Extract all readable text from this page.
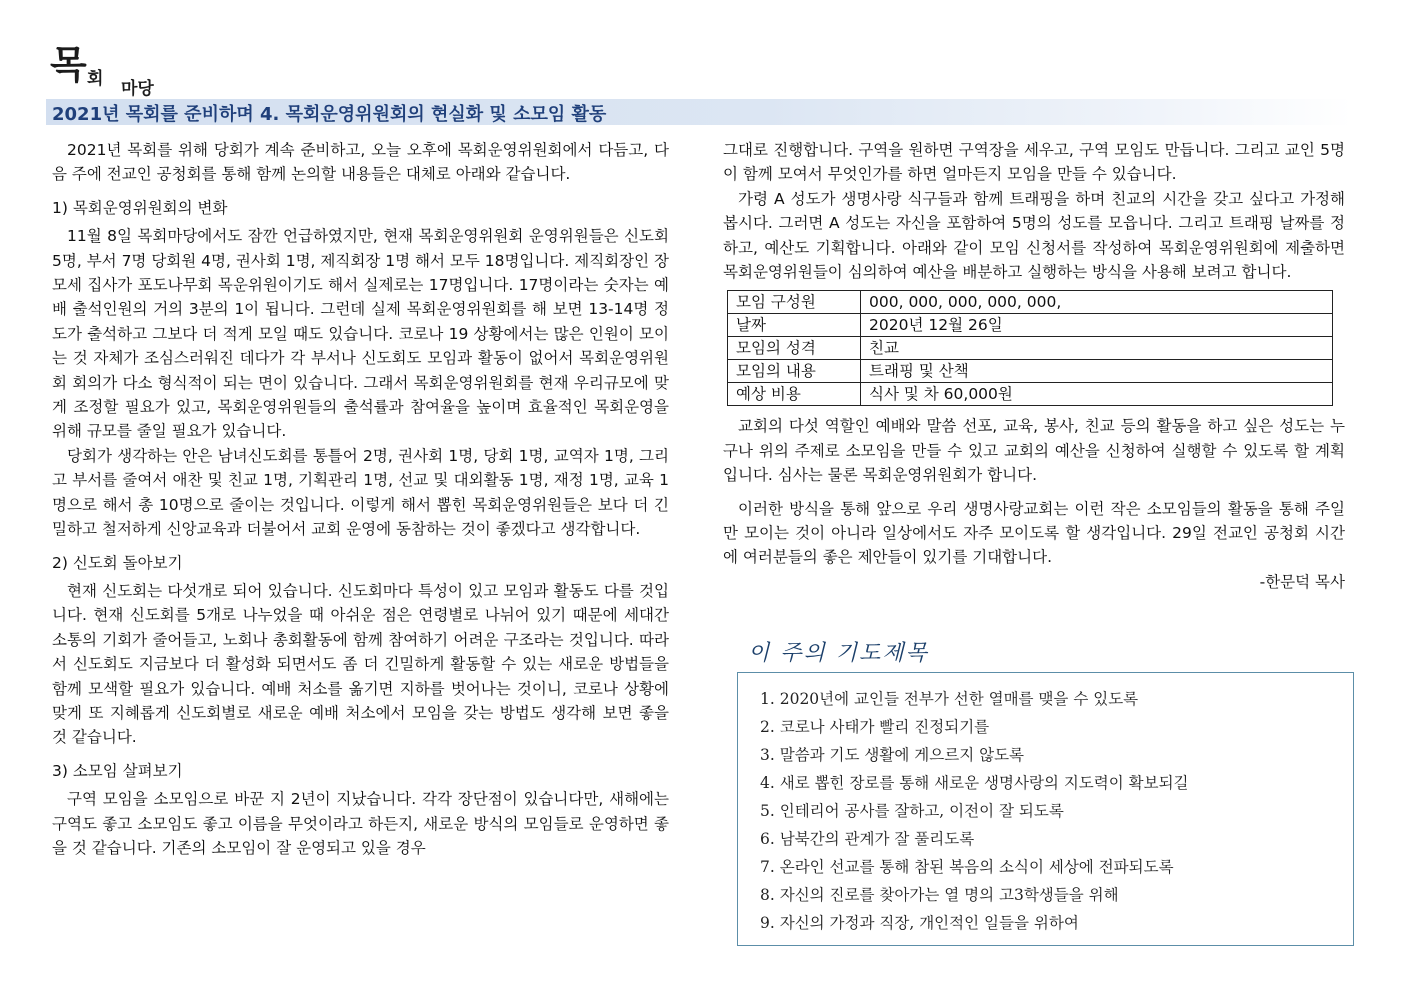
목 회 마당
2021년 목회를 준비하며 4. 목회운영위원회의 현실화 및 소모임 활동

2021년 목회를 위해 당회가 계속 준비하고, 오늘 오후에 목회운영위원회에서 다듬고, 다음 주에 전교인 공청회를 통해 함께 논의할 내용들은 대체로 아래와 같습니다.

1) 목회운영위원회의 변화

11월 8일 목회마당에서도 잠깐 언급하였지만, 현재 목회운영위원회 운영위원들은 신도회 5명, 부서 7명 당회원 4명, 권사회 1명, 제직회장 1명 해서 모두 18명입니다. 제직회장인 장모세 집사가 포도나무회 목운위원이기도 해서 실제로는 17명입니다. 17명이라는 숫자는 예배 출석인원의 거의 3분의 1이 됩니다. 그런데 실제 목회운영위원회를 해 보면 13-14명 정도가 출석하고 그보다 더 적게 모일 때도 있습니다. 코로나 19 상황에서는 많은 인원이 모이는 것 자체가 조심스러워진 데다가 각 부서나 신도회도 모임과 활동이 없어서 목회운영위원회 회의가 다소 형식적이 되는 면이 있습니다. 그래서 목회운영위원회를 현재 우리규모에 맞게 조정할 필요가 있고, 목회운영위원들의 출석률과 참여율을 높이며 효율적인 목회운영을 위해 규모를 줄일 필요가 있습니다.

당회가 생각하는 안은 남녀신도회를 통틀어 2명, 권사회 1명, 당회 1명, 교역자 1명, 그리고 부서를 줄여서 애찬 및 친교 1명, 기획관리 1명, 선교 및 대외활동 1명, 재정 1명, 교육 1명으로 해서 총 10명으로 줄이는 것입니다. 이렇게 해서 뽑힌 목회운영위원들은 보다 더 긴밀하고 철저하게 신앙교육과 더불어서 교회 운영에 동참하는 것이 좋겠다고 생각합니다.

2) 신도회 돌아보기

현재 신도회는 다섯개로 되어 있습니다. 신도회마다 특성이 있고 모임과 활동도 다를 것입니다. 현재 신도회를 5개로 나누었을 때 아쉬운 점은 연령별로 나뉘어 있기 때문에 세대간 소통의 기회가 줄어들고, 노회나 총회활동에 함께 참여하기 어려운 구조라는 것입니다. 따라서 신도회도 지금보다 더 활성화 되면서도 좀 더 긴밀하게 활동할 수 있는 새로운 방법들을 함께 모색할 필요가 있습니다. 예배 처소를 옮기면 지하를 벗어나는 것이니, 코로나 상황에 맞게 또 지혜롭게 신도회별로 새로운 예배 처소에서 모임을 갖는 방법도 생각해 보면 좋을 것 같습니다.

3) 소모임 살펴보기

구역 모임을 소모임으로 바꾼 지 2년이 지났습니다. 각각 장단점이 있습니다만, 새해에는 구역도 좋고 소모임도 좋고 이름을 무엇이라고 하든지, 새로운 방식의 모임들로 운영하면 좋을 것 같습니다. 기존의 소모임이 잘 운영되고 있을 경우

그대로 진행합니다. 구역을 원하면 구역장을 세우고, 구역 모임도 만듭니다. 그리고 교인 5명이 함께 모여서 무엇인가를 하면 얼마든지 모임을 만들 수 있습니다.

가령 A 성도가 생명사랑 식구들과 함께 트래핑을 하며 친교의 시간을 갖고 싶다고 가정해 봅시다. 그러면 A 성도는 자신을 포함하여 5명의 성도를 모읍니다. 그리고 트래핑 날짜를 정하고, 예산도 기획합니다. 아래와 같이 모임 신청서를 작성하여 목회운영위원회에 제출하면 목회운영위원들이 심의하여 예산을 배분하고 실행하는 방식을 사용해 보려고 합니다.

모임 구성원	000, 000, 000, 000, 000,
날짜	2020년 12월 26일
모임의 성격	친교
모임의 내용	트래핑 및 산책
예상 비용	식사 및 차 60,000원

교회의 다섯 역할인 예배와 말씀 선포, 교육, 봉사, 친교 등의 활동을 하고 싶은 성도는 누구나 위의 주제로 소모임을 만들 수 있고 교회의 예산을 신청하여 실행할 수 있도록 할 계획입니다. 심사는 물론 목회운영위원회가 합니다.

이러한 방식을 통해 앞으로 우리 생명사랑교회는 이런 작은 소모임들의 활동을 통해 주일만 모이는 것이 아니라 일상에서도 자주 모이도록 할 생각입니다. 29일 전교인 공청회 시간에 여러분들의 좋은 제안들이 있기를 기대합니다.

-한문덕 목사

이 주의 기도제목
1. 2020년에 교인들 전부가 선한 열매를 맺을 수 있도록
2. 코로나 사태가 빨리 진정되기를
3. 말씀과 기도 생활에 게으르지 않도록
4. 새로 뽑힌 장로를 통해 새로운 생명사랑의 지도력이 확보되길
5. 인테리어 공사를 잘하고, 이전이 잘 되도록
6. 남북간의 관계가 잘 풀리도록
7. 온라인 선교를 통해 참된 복음의 소식이 세상에 전파되도록
8. 자신의 진로를 찾아가는 열 명의 고3학생들을 위해
9. 자신의 가정과 직장, 개인적인 일들을 위하여
